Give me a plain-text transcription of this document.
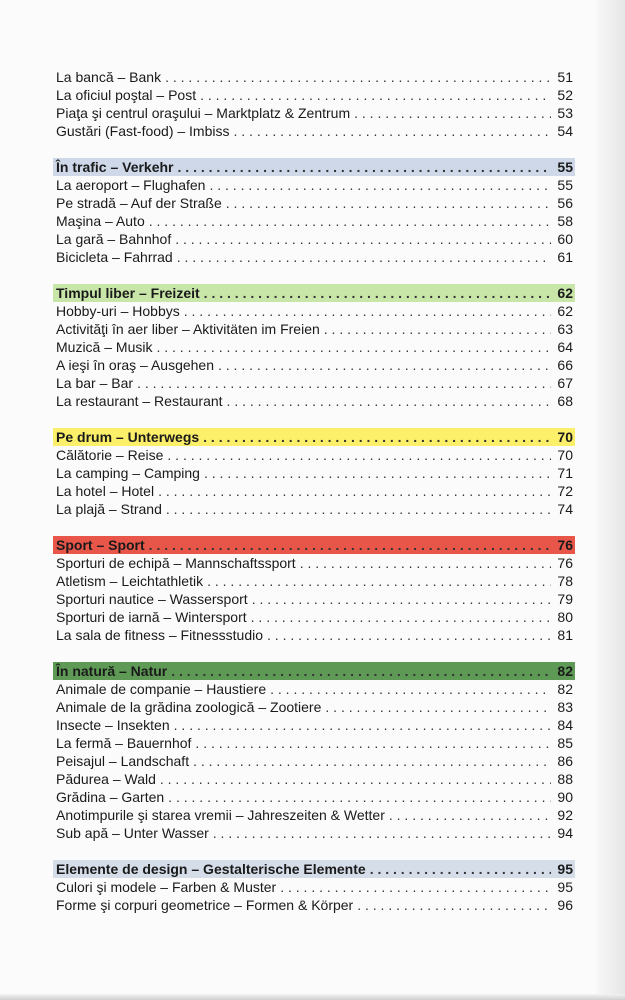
La bancă – Bank . . .	51
La oficiul poştal – Post . . .	52
Piaţa şi centrul oraşului – Marktplatz & Zentrum . . .	53
Gustări (Fast-food) – Imbiss . . .	54
În trafic – Verkehr . . .	55
La aeroport – Flughafen . . .	55
Pe stradă – Auf der Straße . . .	56
Maşina – Auto . . .	58
La gară – Bahnhof . . .	60
Bicicleta – Fahrrad . . .	61
Timpul liber – Freizeit . . .	62
Hobby-uri – Hobbys . . .	62
Activităţi în aer liber – Aktivitäten im Freien . . .	63
Muzică – Musik . . .	64
A ieşi în oraş – Ausgehen . . .	66
La bar – Bar . . .	67
La restaurant – Restaurant . . .	68
Pe drum – Unterwegs . . .	70
Călătorie – Reise . . .	70
La camping – Camping . . .	71
La hotel – Hotel . . .	72
La plajă – Strand . . .	74
Sport – Sport . . .	76
Sporturi de echipă – Mannschaftssport . . .	76
Atletism – Leichtathletik . . .	78
Sporturi nautice – Wassersport . . .	79
Sporturi de iarnă – Wintersport . . .	80
La sala de fitness – Fitnessstudio . . .	81
În natură – Natur . . .	82
Animale de companie – Haustiere . . .	82
Animale de la grădina zoologică – Zootiere . . .	83
Insecte – Insekten . . .	84
La fermă – Bauernhof . . .	85
Peisajul – Landschaft . . .	86
Pădurea – Wald . . .	88
Grădina – Garten . . .	90
Anotimpurile şi starea vremii – Jahreszeiten & Wetter . . .	92
Sub apă – Unter Wasser . . .	94
Elemente de design – Gestalterische Elemente . . .	95
Culori şi modele – Farben & Muster . . .	95
Forme şi corpuri geometrice – Formen & Körper . . .	96
